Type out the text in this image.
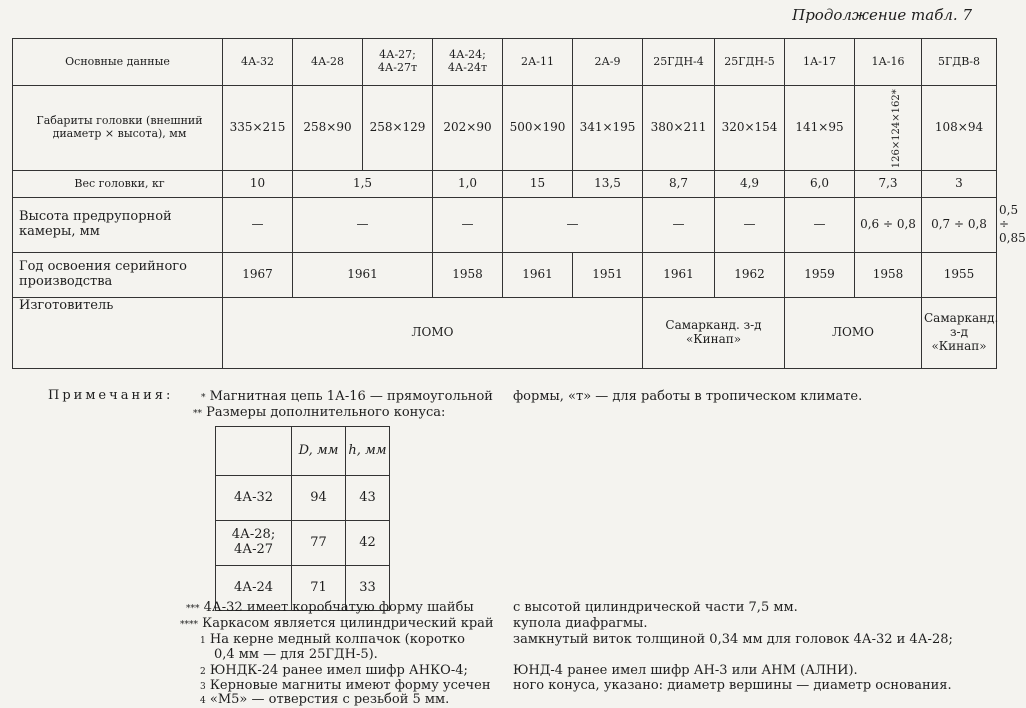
Продолжение табл. 7
Основные данные	4А-32	4А-28	4А-27; 4А-27т	4А-24; 4А-24т	2А-11	2А-9	25ГДН-4	25ГДН-5	1А-17	1А-16	5ГДВ-8	
Габариты головки (внешний диаметр × высота), мм	335×215	258×90	258×129	202×90	500×190	341×195	380×211	320×154	141×95	126×124×162*	108×94	
Вес головки, кг	10	1,5		1,0	15	13,5	8,7	4,9	6,0	7,3	3	
Высота предрупорной камеры, мм	—	—		—	—		—	—	—	0,6 ÷ 0,8	0,7 ÷ 0,8	0,5 ÷ 0,85
Год освоения серийного производства	1967	1961		1958	1961	1951	1961	1962	1959	1958	1955	
Изготовитель	ЛОМО						Самарканд. з-д «Кинап»		ЛОМО		Самарканд. з-д «Кинап»	
Примечания:	* Магнитная цепь 1А-16 — прямоугольной формы, «т» — для работы в тропическом климате.
** Размеры дополнительного конуса:
	D, мм	h, мм
4А-32	94	43
4А-28; 4А-27	77	42
4А-24	71	33
*** 4А-32 имеет коробчатую форму шайбы	с высотой цилиндрической части 7,5 мм.
**** Каркасом является цилиндрический край купола диафрагмы.
1 На керне медный колпачок (коротко
0,4 мм — для 25ГДН-5).
замкнутый виток толщиной 0,34 мм для головок 4А-32 и 4А-28;
2 ЮНДК-24 ранее имел шифр АНКО-4;	ЮНД-4 ранее имел шифр АН-3 или АНМ (АЛНИ).
3 Керновые магниты имеют форму усечен ного конуса, указано: диаметр вершины — диаметр основания.
4 «М5» — отверстия с резьбой 5 мм.
